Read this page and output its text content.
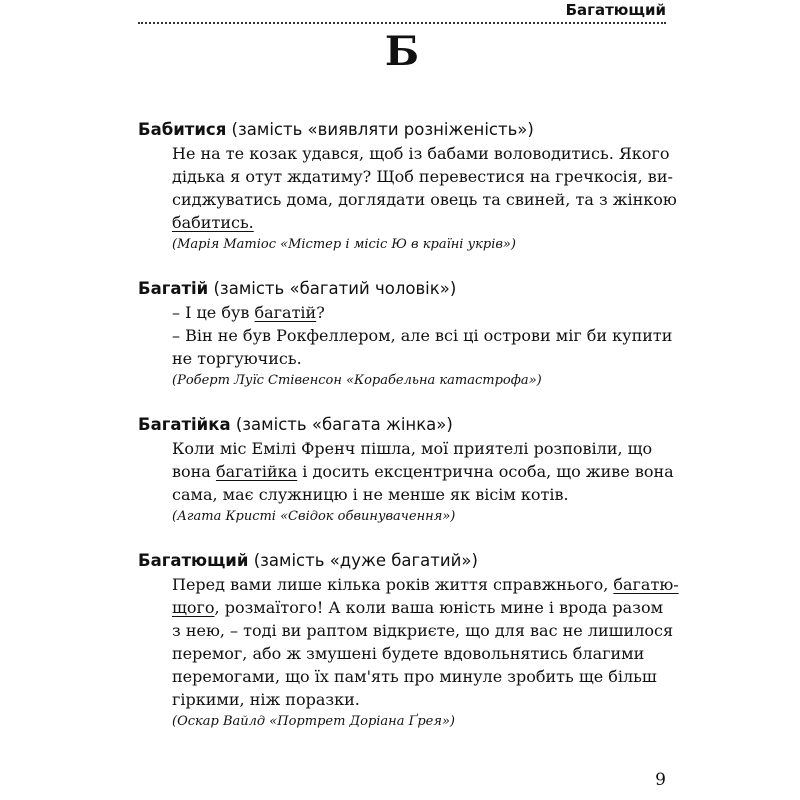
Багатющий
Б
Бабитися (замість «виявляти розніженість»)
Не на те козак удався, щоб із бабами воловодитись. Якого
дідька я отут ждатиму? Щоб перевестися на гречкосія, ви-
сиджуватись дома, доглядати овець та свиней, та з жінкою
бабитись.
(Марія Матіос «Містер і місіс Ю в країні укрів»)
Багатій (замість «багатий чоловік»)
– І це був багатій?
– Він не був Рокфеллером, але всі ці острови міг би купити
не торгуючись.
(Роберт Луїс Стівенсон «Корабельна катастрофа»)
Багатійка (замість «багата жінка»)
Коли міс Емілі Френч пішла, мої приятелі розповіли, що
вона багатійка і досить ексцентрична особа, що живе вона
сама, має служницю і не менше як вісім котів.
(Агата Кристі «Свідок обвинувачення»)
Багатющий (замість «дуже багатий»)
Перед вами лише кілька років життя справжнього, багатю-
щого, розмаїтого! А коли ваша юність мине і врода разом
з нею, – тоді ви раптом відкриєте, що для вас не лишилося
перемог, або ж змушені будете вдовольнятись благими
перемогами, що їх пам'ять про минуле зробить ще більш
гіркими, ніж поразки.
(Оскар Вайлд «Портрет Доріана Ґрея»)
9
